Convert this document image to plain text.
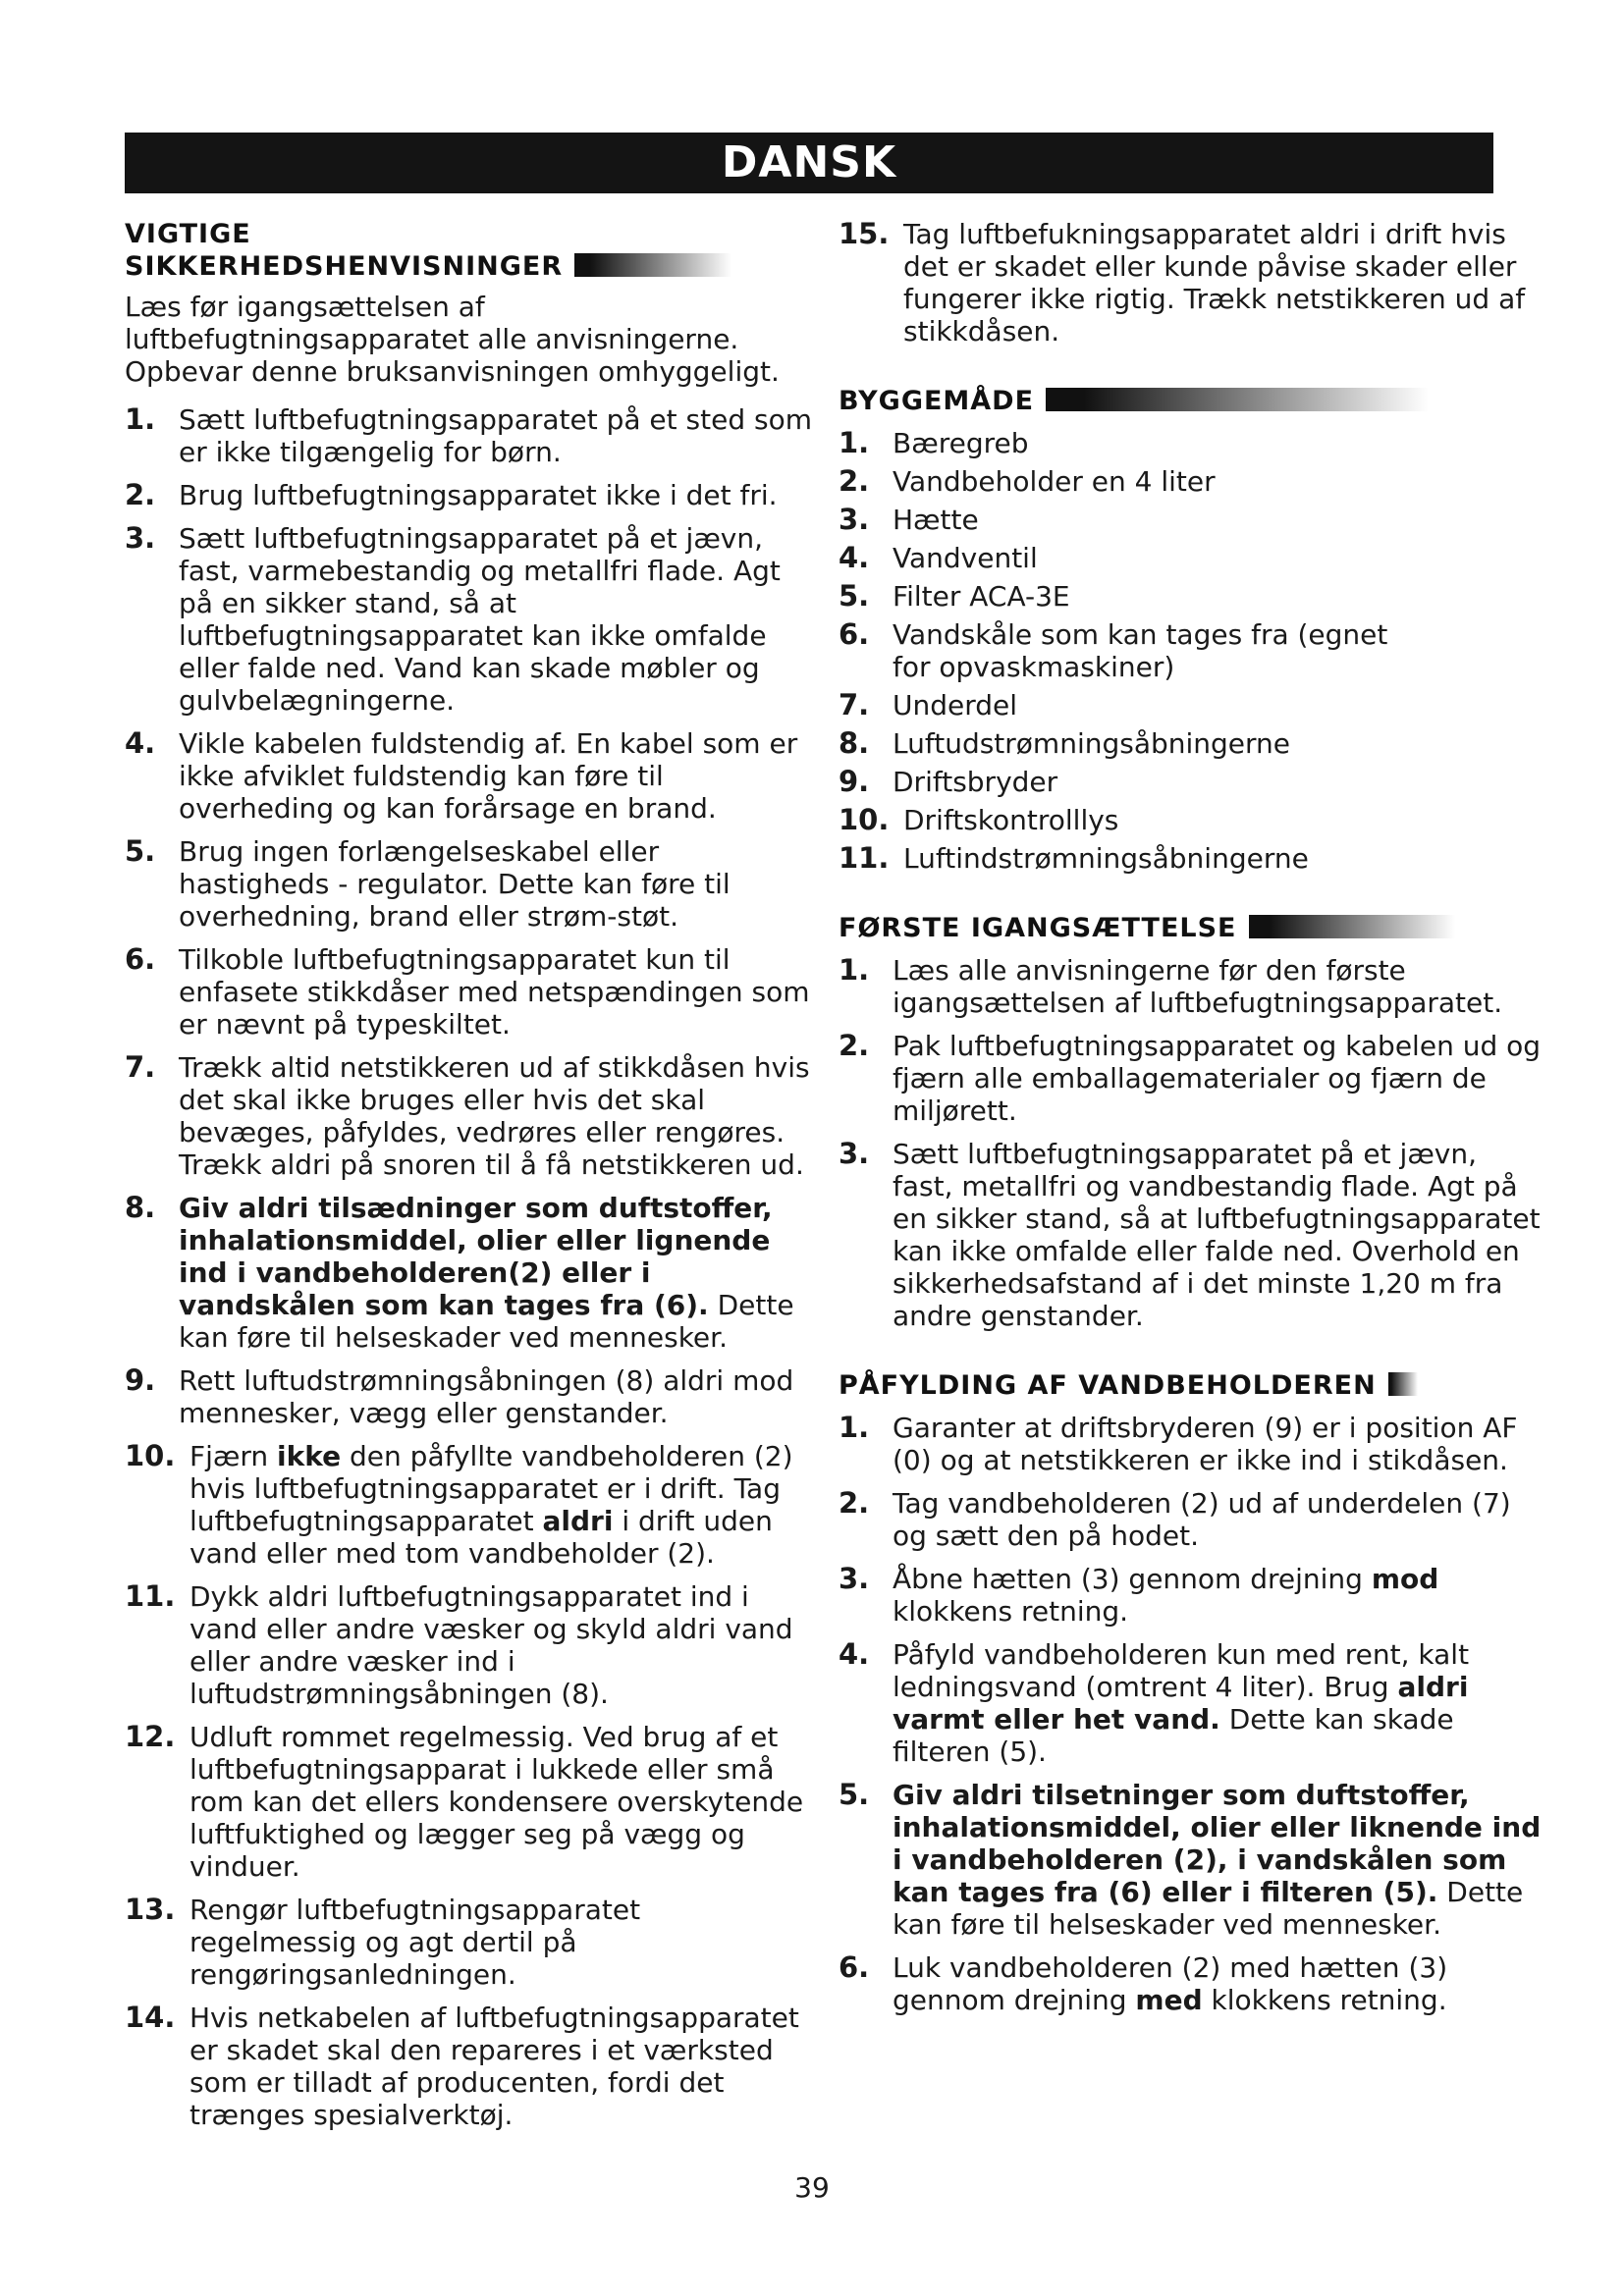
DANSK
VIGTIGE
SIKKERHEDSHENVISNINGER

Læs før igangsættelsen af luftbefugtningsapparatet alle anvisningerne. Opbevar denne bruksanvisningen omhyggeligt.

1. Sætt luftbefugtningsapparatet på et sted som er ikke tilgængelig for børn.
2. Brug luftbefugtningsapparatet ikke i det fri.
3. Sætt luftbefugtningsapparatet på et jævn, fast, varmebestandig og metallfri flade. Agt på en sikker stand, så at luftbefugtningsapparatet kan ikke omfalde eller falde ned. Vand kan skade møbler og gulvbelægningerne.
4. Vikle kabelen fuldstendig af. En kabel som er ikke afviklet fuldstendig kan føre til overheding og kan forårsage en brand.
5. Brug ingen forlængelseskabel eller hastigheds - regulator. Dette kan føre til overhedning, brand eller strøm-støt.
6. Tilkoble luftbefugtningsapparatet kun til enfasete stikkdåser med netspændingen som er nævnt på typeskiltet.
7. Trækk altid netstikkeren ud af stikkdåsen hvis det skal ikke bruges eller hvis det skal bevæges, påfyldes, vedrøres eller rengøres. Trækk aldri på snoren til å få netstikkeren ud.
8. Giv aldri tilsædninger som duftstoffer, inhalationsmiddel, olier eller lignende ind i vandbeholderen(2) eller i vandskålen som kan tages fra (6). Dette kan føre til helseskader ved mennesker.
9. Rett luftudstrømningsåbningen (8) aldri mod mennesker, vægg eller genstander.
10. Fjærn ikke den påfyllte vandbeholderen (2) hvis luftbefugtningsapparatet er i drift. Tag luftbefugtningsapparatet aldri i drift uden vand eller med tom vandbeholder (2).
11. Dykk aldri luftbefugtningsapparatet ind i vand eller andre væsker og skyld aldri vand eller andre væsker ind i luftudstrømningsåbningen (8).
12. Udluft rommet regelmessig. Ved brug af et luftbefugtningsapparat i lukkede eller små rom kan det ellers kondensere overskytende luftfuktighed og lægger seg på vægg og vinduer.
13. Rengør luftbefugtningsapparatet regelmessig og agt dertil på rengøringsanledningen.
14. Hvis netkabelen af luftbefugtningsapparatet er skadet skal den repareres i et værksted som er tilladt af producenten, fordi det trænges spesialverktøj.
15. Tag luftbefukningsapparatet aldri i drift hvis det er skadet eller kunde påvise skader eller fungerer ikke rigtig. Trækk netstikkeren ud af stikkdåsen.
BYGGEMÅDE
1. Bæregreb
2. Vandbeholder en 4 liter
3. Hætte
4. Vandventil
5. Filter ACA-3E
6. Vandskåle som kan tages fra (egnet for opvaskmaskiner)
7. Underdel
8. Luftudstrømningsåbningerne
9. Driftsbryder
10. Driftskontrolllys
11. Luftindstrømningsåbningerne
FØRSTE IGANGSÆTTELSE
1. Læs alle anvisningerne før den første igangsættelsen af luftbefugtningsapparatet.
2. Pak luftbefugtningsapparatet og kabelen ud og fjærn alle emballagematerialer og fjærn de miljørett.
3. Sætt luftbefugtningsapparatet på et jævn, fast, metallfri og vandbestandig flade. Agt på en sikker stand, så at luftbefugtningsapparatet kan ikke omfalde eller falde ned. Overhold en sikkerhedsafstand af i det minste 1,20 m fra andre genstander.
PÅFYLDING AF VANDBEHOLDEREN
1. Garanter at driftsbryderen (9) er i position AF (0) og at netstikkeren er ikke ind i stikdåsen.
2. Tag vandbeholderen (2) ud af underdelen (7) og sætt den på hodet.
3. Åbne hætten (3) gennom drejning mod klokkens retning.
4. Påfyld vandbeholderen kun med rent, kalt ledningsvand (omtrent 4 liter). Brug aldri varmt eller het vand. Dette kan skade filteren (5).
5. Giv aldri tilsetninger som duftstoffer, inhalationsmiddel, olier eller liknende ind i vandbeholderen (2), i vandskålen som kan tages fra (6) eller i filteren (5). Dette kan føre til helseskader ved mennesker.
6. Luk vandbeholderen (2) med hætten (3) gennom drejning med klokkens retning.
39
